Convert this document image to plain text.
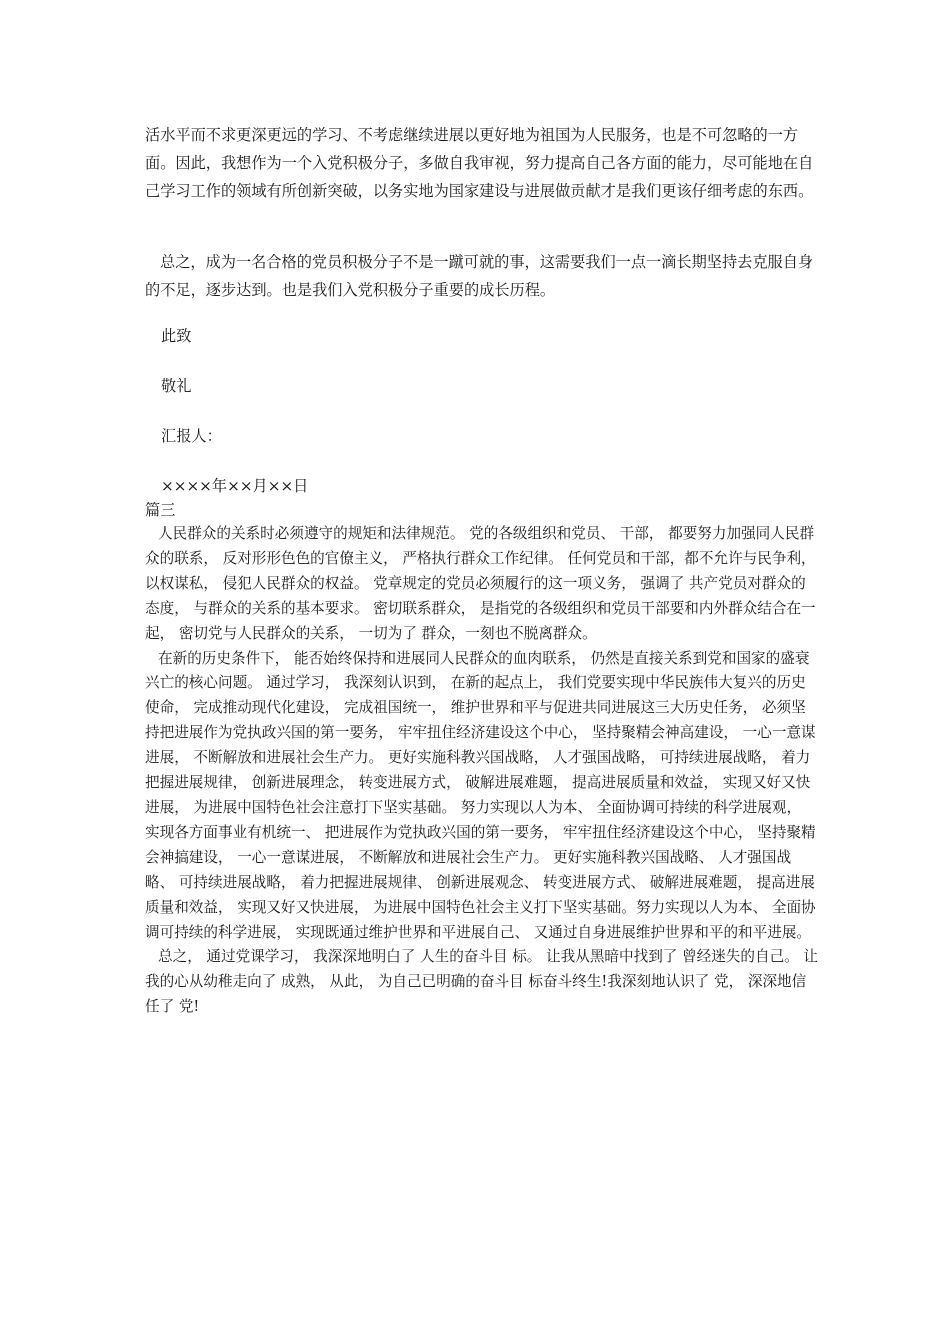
活水平而不求更深更远的学习、不考虑继续进展以更好地为祖国为人民服务，也是不可忽略的一方面。因此，我想作为一个入党积极分子，多做自我审视，努力提高自己各方面的能力，尽可能地在自己学习工作的领域有所创新突破，以务实地为国家建设与进展做贡献才是我们更该仔细考虑的东西。

总之，成为一名合格的党员积极分子不是一蹴可就的事，这需要我们一点一滴长期坚持去克服自身的不足，逐步达到。也是我们入党积极分子重要的成长历程。

此致

敬礼

汇报人：

××××年××月××日

篇三

人民群众的关系时必须遵守的规矩和法律规范。 党的各级组织和党员、 干部， 都要努力加强同人民群众的联系， 反对形形色色的官僚主义， 严格执行群众工作纪律。 任何党员和干部，都不允许与民争利， 以权谋私， 侵犯人民群众的权益。 党章规定的党员必须履行的这一项义务， 强调了 共产党员对群众的态度， 与群众的关系的基本要求。 密切联系群众， 是指党的各级组织和党员干部要和内外群众结合在一起， 密切党与人民群众的关系， 一切为了 群众，一刻也不脱离群众。

在新的历史条件下， 能否始终保持和进展同人民群众的血肉联系， 仍然是直接关系到党和国家的盛衰兴亡的核心问题。 通过学习， 我深刻认识到， 在新的起点上， 我们党要实现中华民族伟大复兴的历史使命， 完成推动现代化建设， 完成祖国统一， 维护世界和平与促进共同进展这三大历史任务， 必须坚持把进展作为党执政兴国的第一要务， 牢牢扭住经济建设这个中心， 坚持聚精会神高建设， 一心一意谋进展， 不断解放和进展社会生产力。 更好实施科教兴国战略， 人才强国战略， 可持续进展战略， 着力把握进展规律， 创新进展理念， 转变进展方式， 破解进展难题， 提高进展质量和效益， 实现又好又快进展， 为进展中国特色社会注意打下坚实基础。 努力实现以人为本、 全面协调可持续的科学进展观， 实现各方面事业有机统一、 把进展作为党执政兴国的第一要务， 牢牢扭住经济建设这个中心， 坚持聚精会神搞建设， 一心一意谋进展， 不断解放和进展社会生产力。 更好实施科教兴国战略、 人才强国战略、 可持续进展战略， 着力把握进展规律、 创新进展观念、 转变进展方式、 破解进展难题， 提高进展质量和效益， 实现又好又快进展， 为进展中国特色社会主义打下坚实基础。努力实现以人为本、 全面协调可持续的科学进展， 实现既通过维护世界和平进展自己、 又通过自身进展维护世界和平的和平进展。

总之， 通过党课学习， 我深深地明白了 人生的奋斗目 标。 让我从黑暗中找到了 曾经迷失的自己。 让我的心从幼稚走向了 成熟， 从此， 为自己已明确的奋斗目 标奋斗终生!我深刻地认识了 党， 深深地信任了 党!
